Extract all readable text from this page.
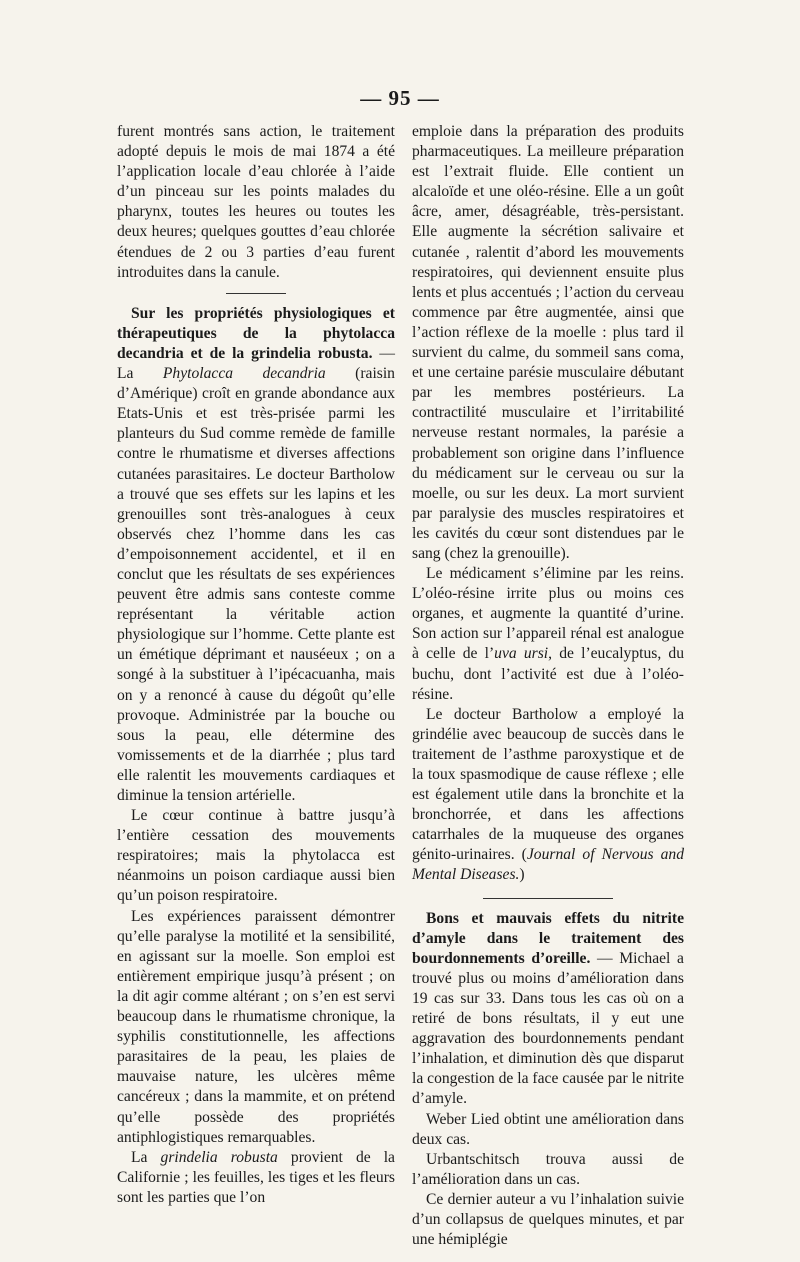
— 95 —

furent montrés sans action, le traitement adopté depuis le mois de mai 1874 a été l’application locale d’eau chlorée à l’aide d’un pinceau sur les points malades du pharynx, toutes les heures ou toutes les deux heures; quelques gouttes d’eau chlorée étendues de 2 ou 3 parties d’eau furent introduites dans la canule.

Sur les propriétés physiologiques et thérapeutiques de la phytolacca decandria et de la grindelia robusta. — La Phytolacca decandria (raisin d’Amérique) croît en grande abondance aux Etats-Unis et est très-prisée parmi les planteurs du Sud comme remède de famille contre le rhumatisme et diverses affections cutanées parasitaires. Le docteur Bartholow a trouvé que ses effets sur les lapins et les grenouilles sont très-analogues à ceux observés chez l’homme dans les cas d’empoisonnement accidentel, et il en conclut que les résultats de ses expériences peuvent être admis sans conteste comme représentant la véritable action physiologique sur l’homme. Cette plante est un émétique déprimant et nauséeux ; on a songé à la substituer à l’ipécacuanha, mais on y a renoncé à cause du dégoût qu’elle provoque. Administrée par la bouche ou sous la peau, elle détermine des vomissements et de la diarrhée ; plus tard elle ralentit les mouvements cardiaques et diminue la tension artérielle.

Le cœur continue à battre jusqu’à l’entière cessation des mouvements respiratoires; mais la phytolacca est néanmoins un poison cardiaque aussi bien qu’un poison respiratoire.

Les expériences paraissent démontrer qu’elle paralyse la motilité et la sensibilité, en agissant sur la moelle. Son emploi est entièrement empirique jusqu’à présent ; on la dit agir comme altérant ; on s’en est servi beaucoup dans le rhumatisme chronique, la syphilis constitutionnelle, les affections parasitaires de la peau, les plaies de mauvaise nature, les ulcères même cancéreux ; dans la mammite, et on prétend qu’elle possède des propriétés antiphlogistiques remarquables.

La grindelia robusta provient de la Californie ; les feuilles, les tiges et les fleurs sont les parties que l’on

emploie dans la préparation des produits pharmaceutiques. La meilleure préparation est l’extrait fluide. Elle contient un alcaloïde et une oléo-résine. Elle a un goût âcre, amer, désagréable, très-persistant. Elle augmente la sécrétion salivaire et cutanée , ralentit d’abord les mouvements respiratoires, qui deviennent ensuite plus lents et plus accentués ; l’action du cerveau commence par être augmentée, ainsi que l’action réflexe de la moelle : plus tard il survient du calme, du sommeil sans coma, et une certaine parésie musculaire débutant par les membres postérieurs. La contractilité musculaire et l’irritabilité nerveuse restant normales, la parésie a probablement son origine dans l’influence du médicament sur le cerveau ou sur la moelle, ou sur les deux. La mort survient par paralysie des muscles respiratoires et les cavités du cœur sont distendues par le sang (chez la grenouille).

Le médicament s’élimine par les reins. L’oléo-résine irrite plus ou moins ces organes, et augmente la quantité d’urine. Son action sur l’appareil rénal est analogue à celle de l’uva ursi, de l’eucalyptus, du buchu, dont l’activité est due à l’oléo-résine.

Le docteur Bartholow a employé la grindélie avec beaucoup de succès dans le traitement de l’asthme paroxystique et de la toux spasmodique de cause réflexe ; elle est également utile dans la bronchite et la bronchorrée, et dans les affections catarrhales de la muqueuse des organes génito-urinaires. (Journal of Nervous and Mental Diseases.)

Bons et mauvais effets du nitrite d’amyle dans le traitement des bourdonnements d’oreille. — Michael a trouvé plus ou moins d’amélioration dans 19 cas sur 33. Dans tous les cas où on a retiré de bons résultats, il y eut une aggravation des bourdonnements pendant l’inhalation, et diminution dès que disparut la congestion de la face causée par le nitrite d’amyle.

Weber Lied obtint une amélioration dans deux cas.

Urbantschitsch trouva aussi de l’amélioration dans un cas.

Ce dernier auteur a vu l’inhalation suivie d’un collapsus de quelques minutes, et par une hémiplégie
